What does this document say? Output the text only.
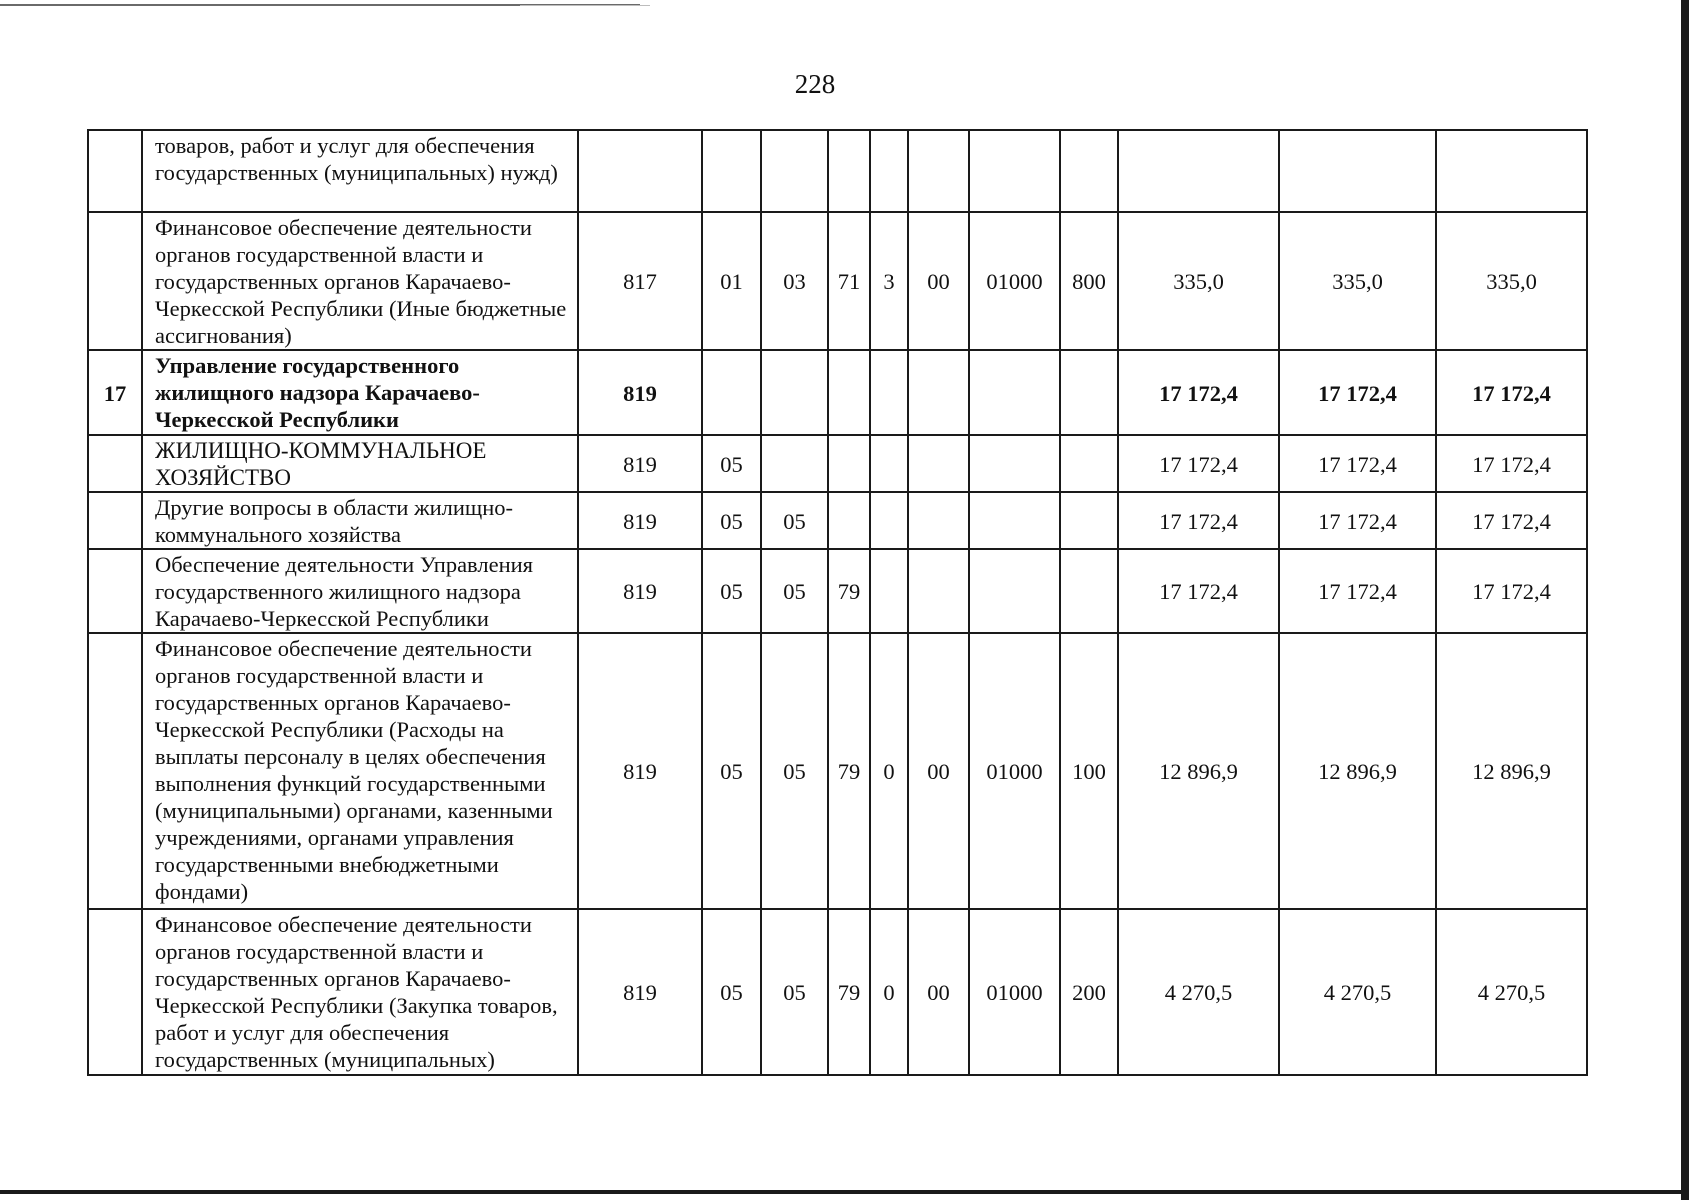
228
	товаров, работ и услуг для обеспечения государственных (муниципальных) нужд)											
	Финансовое обеспечение деятельности органов государственной власти и государственных органов Карачаево-Черкесской Республики (Иные бюджетные ассигнования)	817	01	03	71	3	00	01000	800	335,0	335,0	335,0
17	Управление государственного жилищного надзора Карачаево-Черкесской Республики	819								17 172,4	17 172,4	17 172,4
	ЖИЛИЩНО-КОММУНАЛЬНОЕ ХОЗЯЙСТВО	819	05							17 172,4	17 172,4	17 172,4
	Другие вопросы в области жилищно-коммунального хозяйства	819	05	05						17 172,4	17 172,4	17 172,4
	Обеспечение деятельности Управления государственного жилищного надзора Карачаево-Черкесской Республики	819	05	05	79					17 172,4	17 172,4	17 172,4
	Финансовое обеспечение деятельности органов государственной власти и государственных органов Карачаево-Черкесской Республики (Расходы на выплаты персоналу в целях обеспечения выполнения функций государственными (муниципальными) органами, казенными учреждениями, органами управления государственными внебюджетными фондами)	819	05	05	79	0	00	01000	100	12 896,9	12 896,9	12 896,9
	Финансовое обеспечение деятельности органов государственной власти и государственных органов Карачаево-Черкесской Республики (Закупка товаров, работ и услуг для обеспечения государственных (муниципальных)	819	05	05	79	0	00	01000	200	4 270,5	4 270,5	4 270,5
